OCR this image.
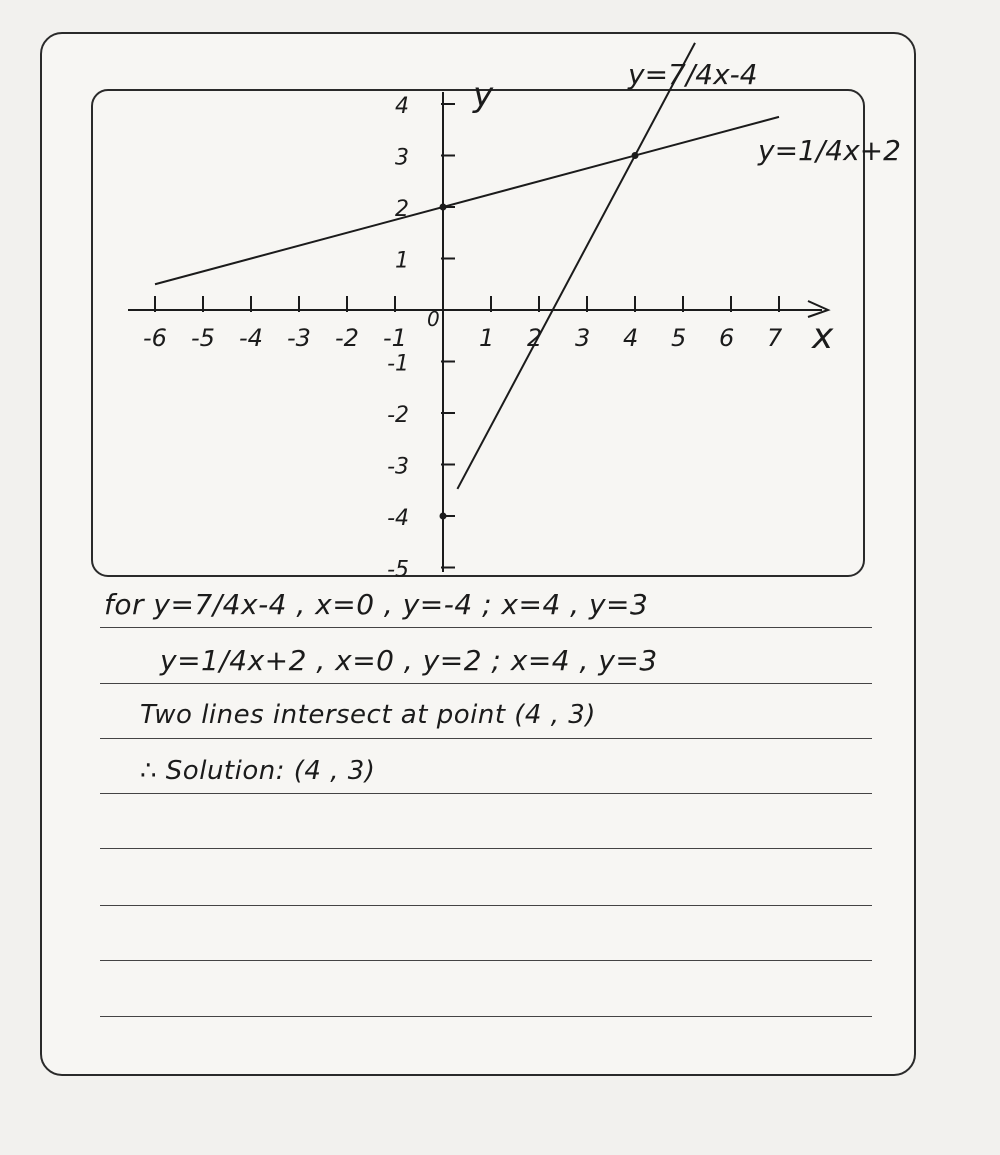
-6 -5 -4 -3 -2 -1
0
1 2 3 4 5 6 7
4
3
2
1
-1
-2
-3
-4
-5
x
y
y=7/4x-4
y=1/4x+2
for y=7/4x-4 , x=0 , y=-4 ; x=4 , y=3
y=1/4x+2 , x=0 , y=2 ; x=4 , y=3
Two lines intersect at point (4 , 3)
∴ Solution: (4 , 3)
